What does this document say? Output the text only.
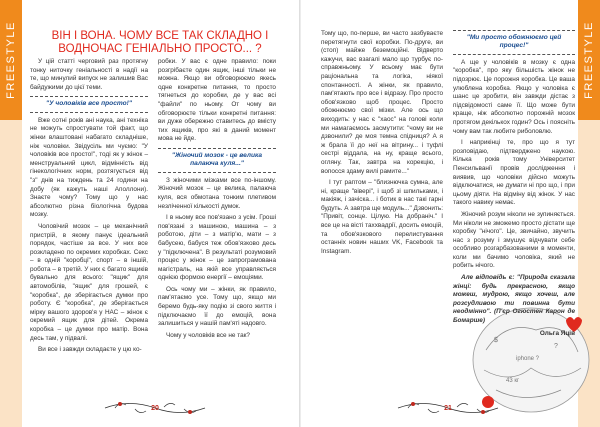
FREESTYLE	ВІН І ВОНА. ЧОМУ ВСЕ ТАК СКЛАДНО І ВОДНОЧАС ГЕНІАЛЬНО ПРОСТО... ?

У цій статті черговий раз протягну тонку ниточку геніальності в надії на те, що минулий випуск не залишив Вас байдужими до цієї теми.

"У чоловіків все просто!"

Вже сотні років ані наука, ані техніка не можуть спростувати той факт, що жінки влаштовані набагато складніше, ніж чоловіки. Звідусіль ми чуємо: "У чоловіків все просто!", тоді як у жінок – менструальний цикл, відмінність від гінекологічних норм, розтягується від "з" днів на тиждень та 24 години на добу (як кажуть наші Аполлони). Знаєте чому? Тому що у нас абсолютно різна біологічна будова мозку.

Чоловічий мозок – це механічний пристрій, в якому панує ідеальний порядок, частіше за все. У них все розкладено по окремих коробках. Секс – в одній "коробці", спорт – в іншій, робота – в третій. У них є багато ящиків бувально для всього: "ящик" для автомобілів, "ящик" для грошей, є "коробка", де зберігається думки про роботу. Є "коробка", де зберігається мірку вашого здоров'я у НАС – жінок є окремий ящик для дітей. Окрема коробка – це думки про матір. Вона десь там, у підвалі.

Ви все і завжди складаєте у цю ко-

робки. У вас є одне правило: поки розгрібаєте один ящик, інші тільки не можна. Якщо ви обговорюємо якесь одне конкретне питання, то просто тягнеться до коробки, де у вас всі "файли" по ньому. От чому ви обговорюєте тільки конкретні питання: ви дуже обережно ставитесь до вмісту тих ящиків, про які в даний момент мова не йде.

"Жіночий мозок - це велика палаюча куля..."

З жіночими мізками все по-іншому. Жіночий мозок – це велика, палаюча куля, вся обмотана тонким плетивом незліченної кількості думок.

І в ньому все пов'язано з усім. Гроші пов'язані з машиною, машина – з роботою, діти – з матір'ю, мати – з бабусею, бабуся теж обов'язково десь у "підключена". В результаті розумовий процес у жінок – це запрограмована магістраль, на якій все управляється однією формою енергії – емоціями.

Ось чому ми – жінки, як правило, пам'ятаємо усе. Тому що, якщо ми беремо будь-яку подію зі свого життя і підключаємо її до емоцій, вона залишиться у нашій пам'яті надовго.

Чому у чоловіків все не так?

20
FREESTYLE

Тому що, по-перше, ви часто зазбуваєте перетягнути свої коробки. По-друге, ви (стоп) майже беземоційні. Відверто кажучи, вас взагалі мало що турбує по-справжньому. У всьому має бути раціональна та логіка, ніякої спонтанності. А жінки, як правило, пам'ятають про все і відразу. Про просто обов'язково щоб процес. Просто обожнюємо свої мізки. Але ось що виходить: у нас є "хаос" на голові коли ми намагаємось засмутити: "чому ви не дзвонили? де моя темна спідниця? А я ж брала її до неї на вітрину... і туфлі сестрі віддала, на ну, краще всього, огляну. Так, завтра на корекцію, і вопосся здаму вилі рамите..."

І тут раптом – "близнючка сумна, але ні, краще "вівері", і щоб зі шпильками, і макіяж, і зачіска... і ботик в нас такі гарні будуть. А завтра ще модуль..." Дзвонить: "Привіт, сонце. Цілую. На добраніч." І все це на вісті таххвадрії, досить емоцій, та обов'язкового перелистування останніх новин наших VK, Facebook та Instagram.

$
iphone ?
?
43 кг
"Ми просто обожнюємо цей процес!"

А ще у чоловіків в мозку є одна "коробка", про яку більшість жінок не підозрює. Це порожня коробка. Це ваша улюблена коробка. Якщо у чоловіка є шанс це зробити, він завжди дістає з підсвідомості саме її. Що може бути краще, ніж абсолютно порожній мозок протягом декількох годин? Ось і поясніть чому вам так любите риболовлю.

І наприкінці те, про що я тут розповідаю, підтверджено наукою. Кілька років тому Університет Пенсильванії провів дослідження і виявив, що чоловіки дійсно можуть відключатися, не думати ні про що, і при цьому діяти. На відміну від жінок. У нас такого навику немає.

Жіночий розум ніколи не зупиняється. Ми ніколи не зможемо просто дістати ще коробку "нічого". Це, звичайно, звучить нас з розуму і змушує відчувати себе особливо розгарбазованими в моменти, коли ми бачимо чоловіка, який не робить нічого.

Але відповідь є: "Природа сказала жінці: будь прекрасною, якщо можеш, мудрою, якщо хочеш, але розсудливою ти повинна бути неодмінно". (П'єр Огюстен Карон де Бомарше)

Ольга Яців
21
